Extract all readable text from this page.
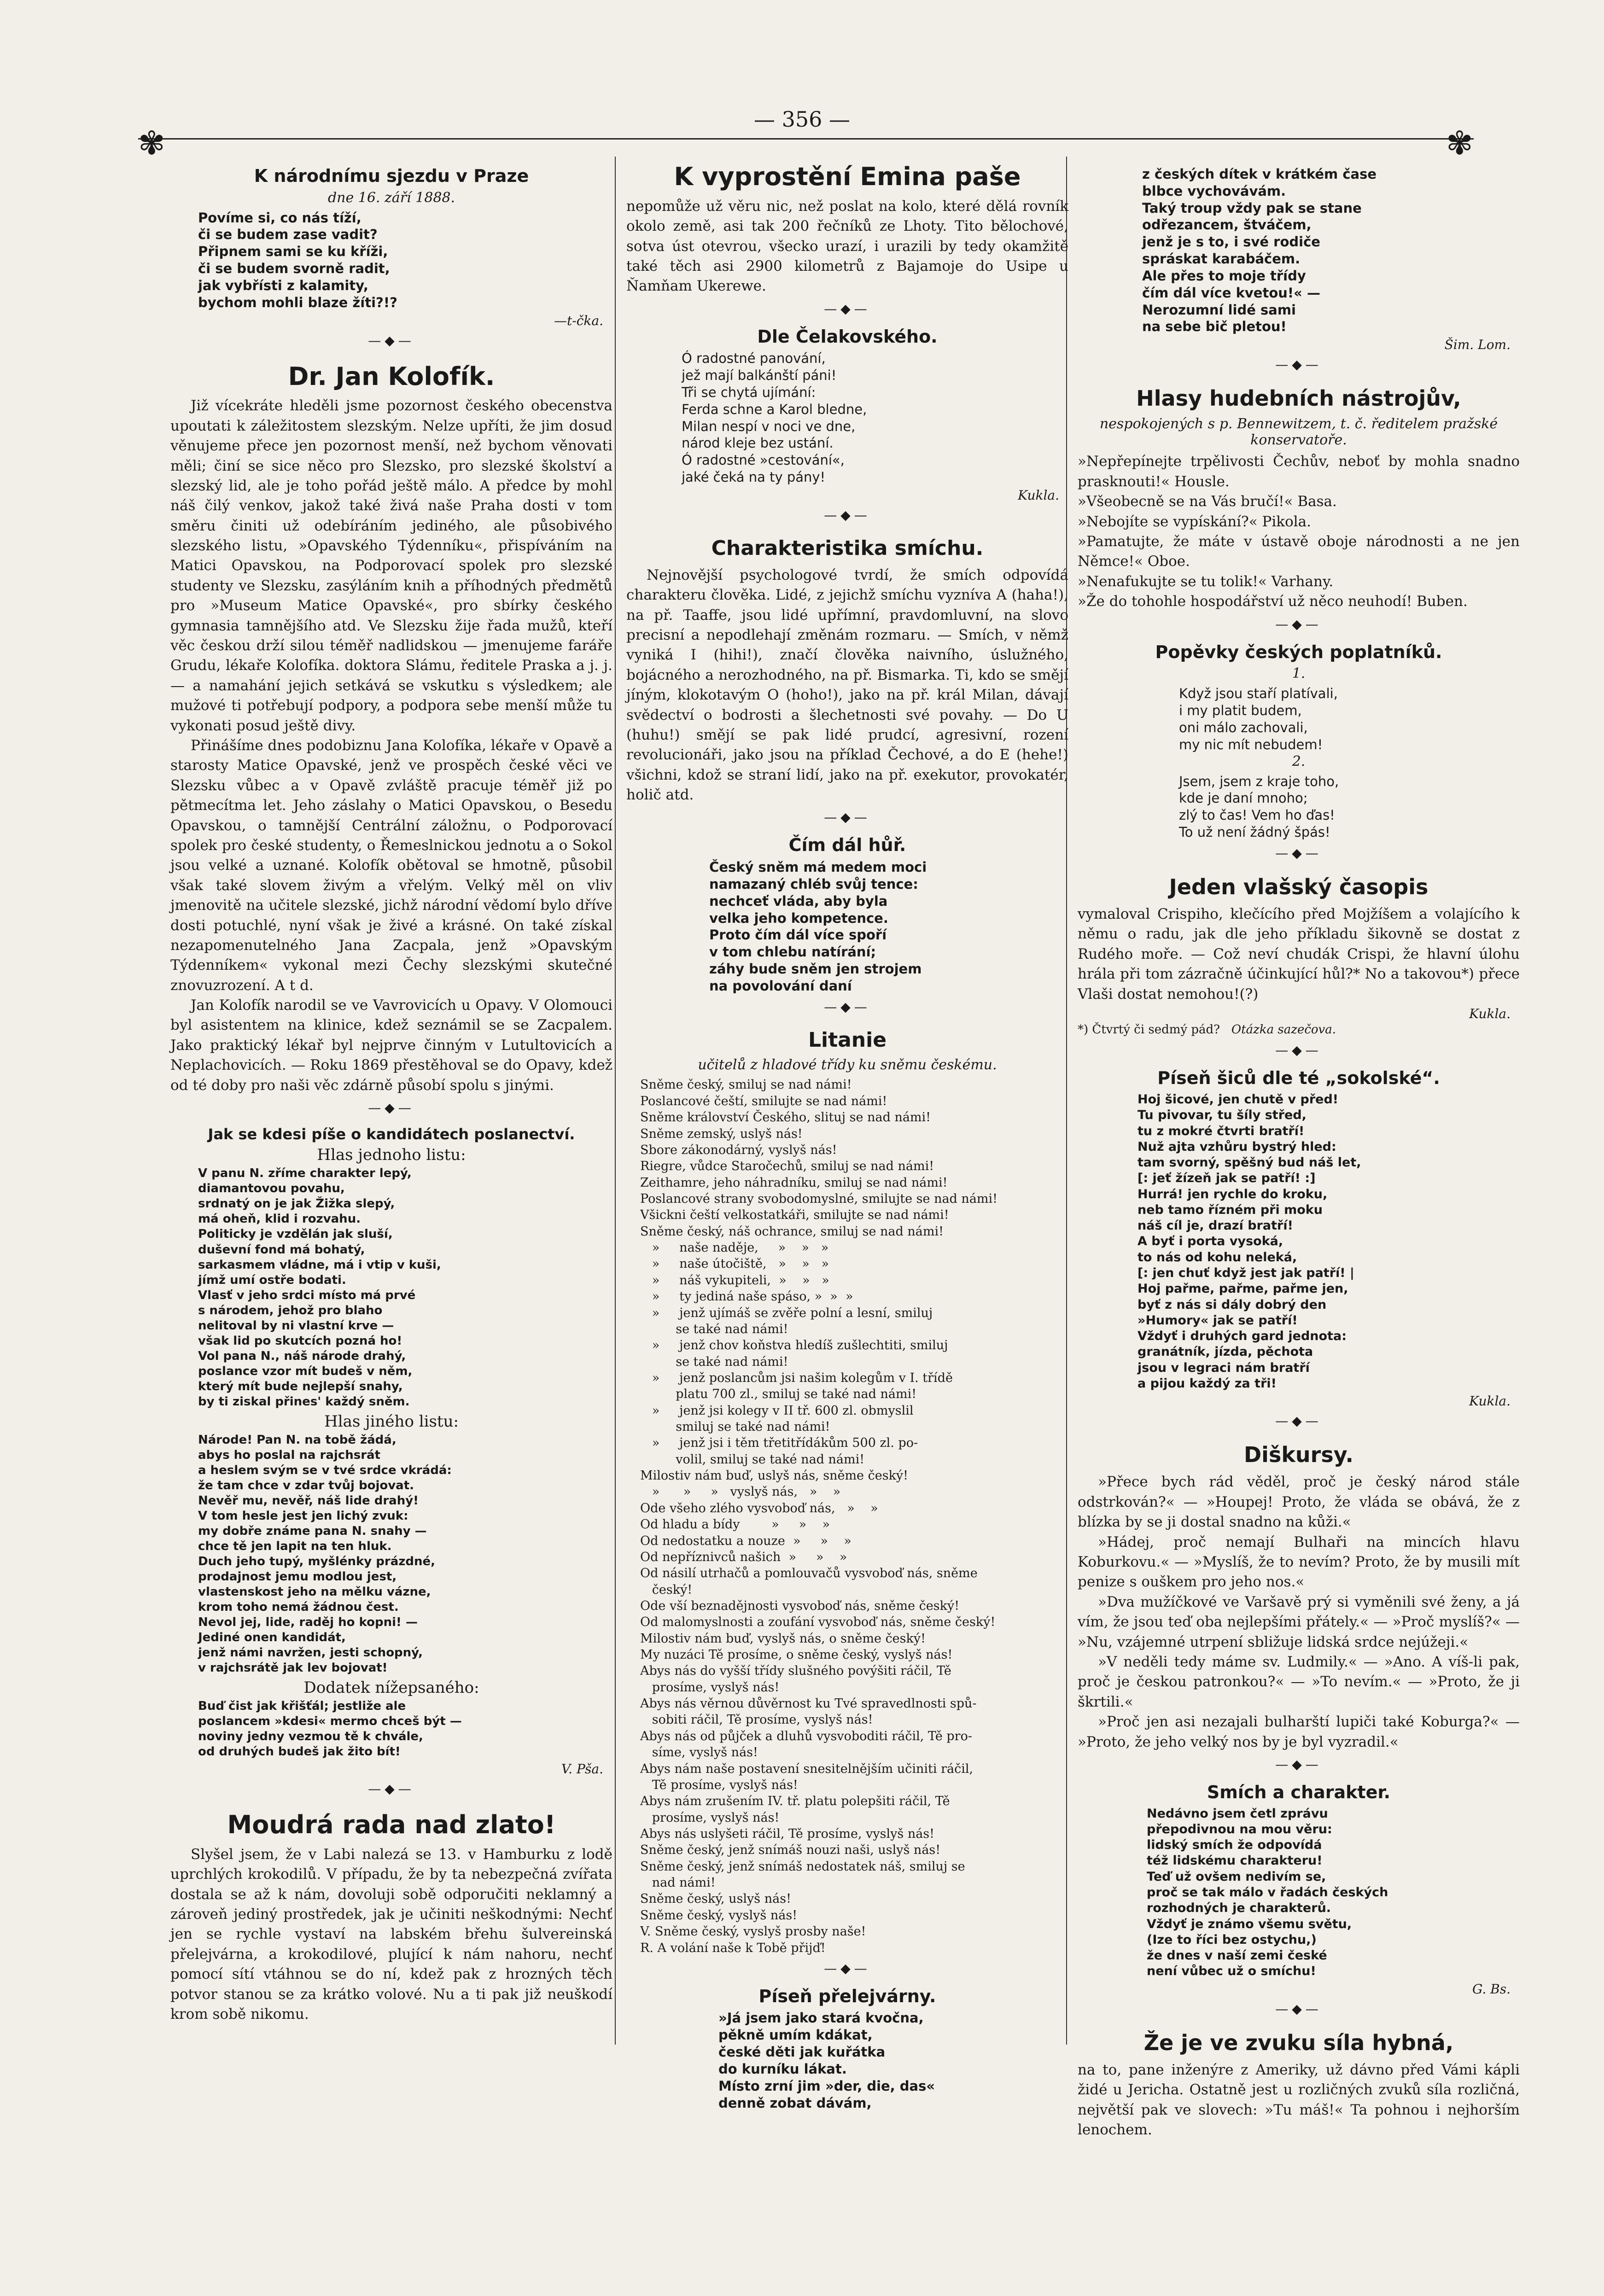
— 356 —
✾	✾
K národnímu sjezdu v Praze
dne 16. září 1888.
Povíme si, co nás tíží,
či se budem zase vadit?
Připnem sami se ku kříži,
či se budem svorně radit,
jak vybřísti z kalamity,
bychom mohli blaze žíti?!?
—t-čka.
—◆—
Dr. Jan Kolofík.

Již vícekráte hleděli jsme pozornost českého obecenstva upoutati k záležitostem slezským. Nelze upříti, že jim dosud věnujeme přece jen pozornost menší, než bychom věnovati měli; činí se sice něco pro Slezsko, pro slezské školství a slezský lid, ale je toho pořád ještě málo. A předce by mohl náš čilý venkov, jakož také živá naše Praha dosti v tom směru činiti už odebíráním jediného, ale působivého slezského listu, »Opavského Týdenníku«, přispíváním na Matici Opavskou, na Podporovací spolek pro slezské studenty ve Slezsku, zasýláním knih a příhodných předmětů pro »Museum Matice Opavské«, pro sbírky českého gymnasia tamnějšího atd. Ve Slezsku žije řada mužů, kteří věc českou drží silou téměř nadlidskou — jmenujeme faráře Grudu, lékaře Kolofíka. doktora Slámu, ředitele Praska a j. j. — a namahání jejich setkává se vskutku s výsledkem; ale mužové ti potřebují podpory, a podpora sebe menší může tu vykonati posud ještě divy.

Přinášíme dnes podobiznu Jana Kolofíka, lékaře v Opavě a starosty Matice Opavské, jenž ve prospěch české věci ve Slezsku vůbec a v Opavě zvláště pracuje téměř již po pětmecítma let. Jeho záslahy o Matici Opavskou, o Besedu Opavskou, o tamnější Centrální záložnu, o Podporovací spolek pro české studenty, o Řemeslnickou jednotu a o Sokol jsou velké a uznané. Kolofík obětoval se hmotně, působil však také slovem živým a vřelým. Velký měl on vliv jmenovitě na učitele slezské, jichž národní vědomí bylo dříve dosti potuchlé, nyní však je živé a krásné. On také získal nezapomenutelného Jana Zacpala, jenž »Opavským Týdenníkem« vykonal mezi Čechy slezskými skutečné znovuzrození. A t d.

Jan Kolofík narodil se ve Vavrovicích u Opavy. V Olomouci byl asistentem na klinice, kdež seznámil se se Zacpalem. Jako praktický lékař byl nejprve činným v Lutultovicích a Neplachovicích. — Roku 1869 přestěhoval se do Opavy, kdež od té doby pro naši věc zdárně působí spolu s jinými.

—◆—
Jak se kdesi píše o kandidátech poslanectví.
Hlas jednoho listu:
V panu N. zříme charakter lepý,
diamantovou povahu,
srdnatý on je jak Žižka slepý,
má oheň, klid i rozvahu.
Politicky je vzdělán jak sluší,
duševní fond má bohatý,
sarkasmem vládne, má i vtip v kuši,
jímž umí ostře bodati.
Vlasť v jeho srdci místo má prvé
s národem, jehož pro blaho
nelitoval by ni vlastní krve —
však lid po skutcích pozná ho!
Vol pana N., náš národe drahý,
poslance vzor mít budeš v něm,
který mít bude nejlepší snahy,
by ti ziskal přines' každý sněm.
Hlas jiného listu:
Národe! Pan N. na tobě žádá,
abys ho poslal na rajchsrát
a heslem svým se v tvé srdce vkrádá:
že tam chce v zdar tvůj bojovat.
Nevěř mu, nevěř, náš lide drahý!
V tom hesle jest jen lichý zvuk:
my dobře známe pana N. snahy —
chce tě jen lapit na ten hluk.
Duch jeho tupý, myšlénky prázdné,
prodajnost jemu modlou jest,
vlastenskost jeho na mělku vázne,
krom toho nemá žádnou čest.
Nevol jej, lide, raděj ho kopni! —
Jediné onen kandidát,
jenž námi navržen, jesti schopný,
v rajchsrátě jak lev bojovat!
Dodatek nížepsaného:
Buď čist jak křišťál; jestliže ale
poslancem »kdesi« mermo chceš být —
noviny jedny vezmou tě k chvále,
od druhých budeš jak žito bít!
V. Pša.
—◆—
Moudrá rada nad zlato!

Slyšel jsem, že v Labi nalezá se 13. v Hamburku z lodě uprchlých krokodilů. V případu, že by ta nebezpečná zvířata dostala se až k nám, dovoluji sobě odporučiti neklamný a zároveň jediný prostředek, jak je učiniti neškodnými: Nechť jen se rychle vystaví na labském břehu šulvereinská přelejvárna, a krokodilové, plující k nám nahoru, nechť pomocí sítí vtáhnou se do ní, kdež pak z hrozných těch potvor stanou se za krátko volové. Nu a ti pak již neuškodí krom sobě nikomu.

K vyprostění Emina paše

nepomůže už věru nic, než poslat na kolo, které dělá rovník okolo země, asi tak 200 řečníků ze Lhoty. Tito bělochové, sotva úst otevrou, všecko urazí, i urazili by tedy okamžitě také těch asi 2900 kilometrů z Bajamoje do Usipe u Ňamňam Ukerewe.

—◆—
Dle Čelakovského.
Ó radostné panování,
jež mají balkánští páni!
Tři se chytá ujímání:
Ferda schne a Karol bledne,
Milan nespí v noci ve dne,
národ kleje bez ustání.
Ó radostné »cestování«,
jaké čeká na ty pány!
Kukla.
—◆—
Charakteristika smíchu.

Nejnovější psychologové tvrdí, že smích odpovídá charakteru člověka. Lidé, z jejichž smíchu vyzníva A (haha!), na př. Taaffe, jsou lidé upřímní, pravdomluvní, na slovo precisní a nepodlehají změnám rozmaru. — Smích, v němž vyniká I (hihi!), značí člověka naivního, úslužného, bojácného a nerozhodného, na př. Bismarka. Ti, kdo se smějí jíným, klokotavým O (hoho!), jako na př. král Milan, dávají svědectví o bodrosti a šlechetnosti své povahy. — Do U (huhu!) smějí se pak lidé prudcí, agresivní, rození revolucionáři, jako jsou na příklad Čechové, a do E (hehe!) všichni, kdož se straní lidí, jako na př. exekutor, provokatér, holič atd.

—◆—
Čím dál hůř.
Český sněm má medem moci
namazaný chléb svůj tence:
nechceť vláda, aby byla
velka jeho kompetence.
Proto čím dál více spoří
v tom chlebu natírání;
záhy bude sněm jen strojem
na povolování daní
—◆—
Litanie
učitelů z hladové třídy ku sněmu českému.
Sněme český, smiluj se nad námi!
Poslancové čeští, smilujte se nad námi!
Sněme království Českého, slituj se nad námi!
Sněme zemský, uslyš nás!
Sbore zákonodárný, vyslyš nás!
Riegre, vůdce Staročechů, smiluj se nad námi!
Zeithamre, jeho náhradníku, smiluj se nad námi!
Poslancové strany svobodomyslné, smilujte se nad námi!
Všickni čeští velkostatkáři, smilujte se nad námi!
Sněme český, náš ochrance, smiluj se nad námi!
»     naše naděje,     »    »   »
»     naše útočiště,   »    »   »
»     náš vykupiteli,  »    »   »
»     ty jediná naše spáso, »  »  »
»     jenž ujímáš se zvěře polní a lesní, smiluj
se také nad námi!
»     jenž chov koňstva hledíš zušlechtiti, smiluj
se také nad námi!
»     jenž poslancům jsi našim kolegům v I. třídě
platu 700 zl., smiluj se také nad námi!
»     jenž jsi kolegy v II tř. 600 zl. obmyslil
smiluj se také nad námi!
»     jenž jsi i těm třetitřídákům 500 zl. po-
volil, smiluj se také nad námi!
Milostiv nám buď, uslyš nás, sněme český!
»      »     »   vyslyš nás,   »    »
Ode všeho zlého vysvoboď nás,   »    »
Od hladu a bídy        »     »    »
Od nedostatku a nouze  »     »    »
Od nepříznivců našich  »     »    »
Od násilí utrhačů a pomlouvačů vysvoboď nás, sněme
český!
Ode vší beznadějnosti vysvoboď nás, sněme český!
Od malomyslnosti a zoufání vysvoboď nás, sněme český!
Milostiv nám buď, vyslyš nás, o sněme český!
My nuzáci Tě prosíme, o sněme český, vyslyš nás!
Abys nás do vyšší třídy slušného povýšiti ráčil, Tě
prosíme, vyslyš nás!
Abys nás věrnou důvěrnost ku Tvé spravedlnosti spů-
sobiti ráčil, Tě prosíme, vyslyš nás!
Abys nás od půjček a dluhů vysvoboditi ráčil, Tě pro-
síme, vyslyš nás!
Abys nám naše postavení snesitelnějším učiniti ráčil,
Tě prosíme, vyslyš nás!
Abys nám zrušením IV. tř. platu polepšiti ráčil, Tě
prosíme, vyslyš nás!
Abys nás uslyšeti ráčil, Tě prosíme, vyslyš nás!
Sněme český, jenž snímáš nouzi naši, uslyš nás!
Sněme český, jenž snímáš nedostatek náš, smiluj se
nad námi!
Sněme český, uslyš nás!
Sněme český, vyslyš nás!
V. Sněme český, vyslyš prosby naše!
R. A volání naše k Tobě přijď!
—◆—
Píseň přelejvárny.
»Já jsem jako stará kvočna,
pěkně umím kdákat,
české děti jak kuřátka
do kurníku lákat.
Místo zrní jim »der, die, das«
denně zobat dávám,
z českých dítek v krátkém čase
blbce vychovávám.
Taký troup vždy pak se stane
odřezancem, štváčem,
jenž je s to, i své rodiče
spráskat karabáčem.
Ale přes to moje třídy
čím dál více kvetou!« —
Nerozumní lidé sami
na sebe bič pletou!
Šim. Lom.
—◆—
Hlasy hudebních nástrojův,
nespokojených s p. Bennewitzem, t. č. ředitelem pražské konservatoře.
»Nepřepínejte trpělivosti Čechův, neboť by mohla snadno prasknouti!« Housle.
»Všeobecně se na Vás bručí!« Basa.
»Nebojíte se vypískání?« Pikola.
»Pamatujte, že máte v ústavě oboje národnosti a ne jen Němce!« Oboe.
»Nenafukujte se tu tolik!« Varhany.
»Že do tohohle hospodářství už něco neuhodí! Buben.
—◆—
Popěvky českých poplatníků.
1.
Když jsou staří platívali,
i my platit budem,
oni málo zachovali,
my nic mít nebudem!
2.
Jsem, jsem z kraje toho,
kde je daní mnoho;
zlý to čas! Vem ho ďas!
To už není žádný špás!
—◆—
Jeden vlašský časopis

vymaloval Crispiho, klečícího před Mojžíšem a volajícího k němu o radu, jak dle jeho příkladu šikovně se dostat z Rudého moře. — Což neví chudák Crispi, že hlavní úlohu hrála při tom zázračně účinkující hůl?* No a takovou*) přece Vlaši dostat nemohou!(?)

Kukla.
*) Čtvrtý či sedmý pád? Otázka sazečova.
—◆—
Píseň šiců dle té „sokolské“.
Hoj šicové, jen chutě v před!
Tu pivovar, tu šíly střed,
tu z mokré čtvrti bratří!
Nuž ajta vzhůru bystrý hled:
tam svorný, spěšný bud náš let,
[: jeť žízeň jak se patří! :]
Hurrá! jen rychle do kroku,
neb tamo řízném při moku
náš cíl je, drazí bratří!
A byť i porta vysoká,
to nás od kohu neleká,
[: jen chuť když jest jak patří! |
Hoj pařme, pařme, pařme jen,
byť z nás si dály dobrý den
»Humory« jak se patří!
Vždyť i druhých gard jednota:
granátník, jízda, pěchota
jsou v legraci nám bratří
a pijou každý za tři!
Kukla.
—◆—
Diškursy.

»Přece bych rád věděl, proč je český národ stále odstrkován?« — »Houpej! Proto, že vláda se obává, že z blízka by se ji dostal snadno na kůži.«

»Hádej, proč nemají Bulhaři na mincích hlavu Koburkovu.« — »Myslíš, že to nevím? Proto, že by musili mít penize s ouškem pro jeho nos.«

»Dva mužíčkové ve Varšavě prý si vyměnili své ženy, a já vím, že jsou teď oba nejlepšími přátely.« — »Proč myslíš?« — »Nu, vzájemné utrpení sbližuje lidská srdce nejúžeji.«

»V neděli tedy máme sv. Ludmily.« — »Ano. A víš-li pak, proč je českou patronkou?« — »To nevím.« — »Proto, že ji škrtili.«

»Proč jen asi nezajali bulharští lupiči také Koburga?« — »Proto, že jeho velký nos by je byl vyzradil.«

—◆—
Smích a charakter.
Nedávno jsem četl zprávu
přepodivnou na mou věru:
lidský smích že odpovídá
též lidskému charakteru!
Teď už ovšem nedivím se,
proč se tak málo v řadách českých
rozhodných je charakterů.
Vždyť je známo všemu světu,
(Ize to říci bez ostychu,)
že dnes v naší zemi české
není vůbec už o smíchu!
G. Bs.
—◆—
Že je ve zvuku síla hybná,

na to, pane inženýre z Ameriky, už dávno před Vámi kápli židé u Jericha. Ostatně jest u rozličných zvuků síla rozličná, největší pak ve slovech: »Tu máš!« Ta pohnou i nejhorším lenochem.
